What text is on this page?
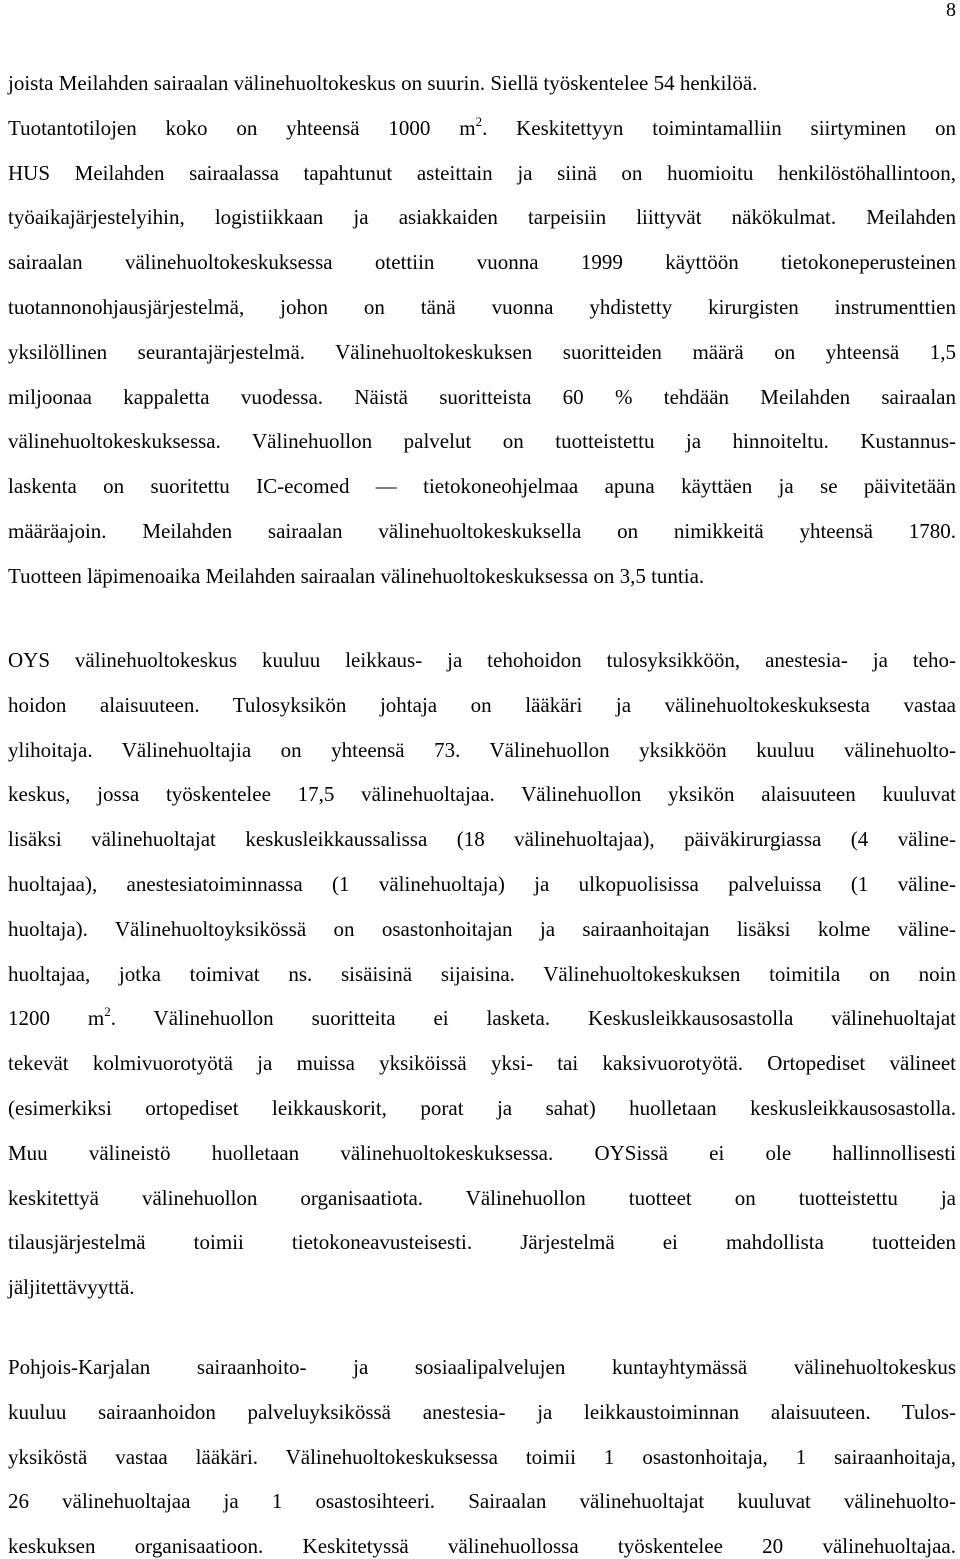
8
joista Meilahden sairaalan välinehuoltokeskus on suurin. Siellä työskentelee 54 henkilöä.
Tuotantotilojen koko on yhteensä 1000 $m^2$. Keskitettyyn toimintamalliin siirtyminen on
HUS Meilahden sairaalassa tapahtunut asteittain ja siinä on huomioitu henkilöstöhallintoon,
työaikajärjestelyihin, logistiikkaan ja asiakkaiden tarpeisiin liittyvät näkökulmat. Meilahden
sairaalan välinehuoltokeskuksessa otettiin vuonna 1999 käyttöön tietokoneperusteinen
tuotannonohjausjärjestelmä, johon on tänä vuonna yhdistetty kirurgisten instrumenttien
yksilöllinen seurantajärjestelmä. Välinehuoltokeskuksen suoritteiden määrä on yhteensä 1,5
miljoonaa kappaletta vuodessa. Näistä suoritteista 60 % tehdään Meilahden sairaalan
välinehuoltokeskuksessa. Välinehuollon palvelut on tuotteistettu ja hinnoiteltu. Kustannus-
laskenta on suoritettu IC-ecomed — tietokoneohjelmaa apuna käyttäen ja se päivitetään
määräajoin. Meilahden sairaalan välinehuoltokeskuksella on nimikkeitä yhteensä 1780.
Tuotteen läpimenoaika Meilahden sairaalan välinehuoltokeskuksessa on 3,5 tuntia.
OYS välinehuoltokeskus kuuluu leikkaus- ja tehohoidon tulosyksikköön, anestesia- ja teho-
hoidon alaisuuteen. Tulosyksikön johtaja on lääkäri ja välinehuoltokeskuksesta vastaa
ylihoitaja. Välinehuoltajia on yhteensä 73. Välinehuollon yksikköön kuuluu välinehuolto-
keskus, jossa työskentelee 17,5 välinehuoltajaa. Välinehuollon yksikön alaisuuteen kuuluvat
lisäksi välinehuoltajat keskusleikkaussalissa (18 välinehuoltajaa), päiväkirurgiassa (4 väline-
huoltajaa), anestesiatoiminnassa (1 välinehuoltaja) ja ulkopuolisissa palveluissa (1 väline-
huoltaja). Välinehuoltoyksikössä on osastonhoitajan ja sairaanhoitajan lisäksi kolme väline-
huoltajaa, jotka toimivat ns. sisäisinä sijaisina. Välinehuoltokeskuksen toimitila on noin
1200 $m^2$. Välinehuollon suoritteita ei lasketa. Keskusleikkausosastolla välinehuoltajat
tekevät kolmivuorotyötä ja muissa yksiköissä yksi- tai kaksivuorotyötä. Ortopediset välineet
(esimerkiksi ortopediset leikkauskorit, porat ja sahat) huolletaan keskusleikkausosastolla.
Muu välineistö huolletaan välinehuoltokeskuksessa. OYSissä ei ole hallinnollisesti
keskitettyä välinehuollon organisaatiota. Välinehuollon tuotteet on tuotteistettu ja
tilausjärjestelmä toimii tietokoneavusteisesti. Järjestelmä ei mahdollista tuotteiden
jäljitettävyyttä.
Pohjois-Karjalan sairaanhoito- ja sosiaalipalvelujen kuntayhtymässä välinehuoltokeskus
kuuluu sairaanhoidon palveluyksikössä anestesia- ja leikkaustoiminnan alaisuuteen. Tulos-
yksiköstä vastaa lääkäri. Välinehuoltokeskuksessa toimii 1 osastonhoitaja, 1 sairaanhoitaja,
26 välinehuoltajaa ja 1 osastosihteeri. Sairaalan välinehuoltajat kuuluvat välinehuolto-
keskuksen organisaatioon. Keskitetyssä välinehuollossa työskentelee 20 välinehuoltajaa.
